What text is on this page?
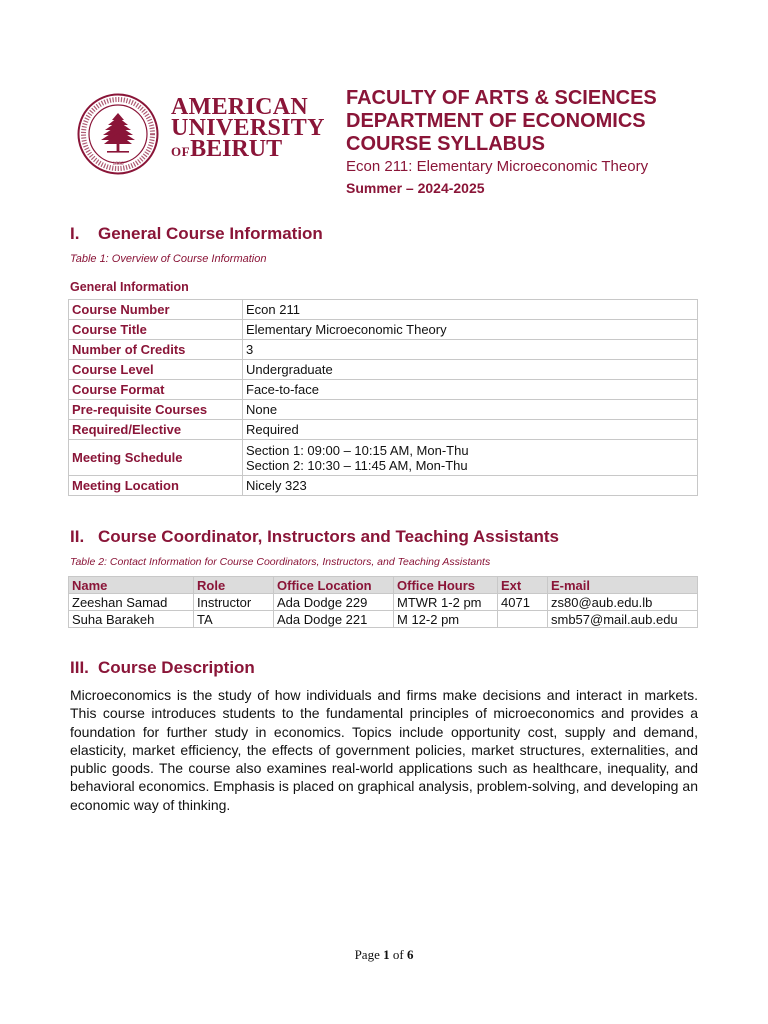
1866
AMERICAN
UNIVERSITY
OFBEIRUT
FACULTY OF ARTS & SCIENCES
DEPARTMENT OF ECONOMICS
COURSE SYLLABUS
Econ 211: Elementary Microeconomic Theory
Summer – 2024-2025
I. General Course Information
Table 1: Overview of Course Information
General Information
Course Number	Econ 211
Course Title	Elementary Microeconomic Theory
Number of Credits	3
Course Level	Undergraduate
Course Format	Face-to-face
Pre-requisite Courses	None
Required/Elective	Required
Meeting Schedule	Section 1: 09:00 – 10:15 AM, Mon-Thu
Section 2: 10:30 – 11:45 AM, Mon-Thu

Meeting Location	Nicely 323
II. Course Coordinator, Instructors and Teaching Assistants
Table 2: Contact Information for Course Coordinators, Instructors, and Teaching Assistants
Name	Role	Office Location	Office Hours	Ext	E-mail
Zeeshan Samad	Instructor	Ada Dodge 229	MTWR 1-2 pm	4071	zs80@aub.edu.lb
Suha Barakeh	TA	Ada Dodge 221	M 12-2 pm		smb57@mail.aub.edu
III. Course Description
Microeconomics is the study of how individuals and firms make decisions and interact in markets. This course introduces students to the fundamental principles of microeconomics and provides a foundation for further study in economics. Topics include opportunity cost, supply and demand, elasticity, market efficiency, the effects of government policies, market structures, externalities, and public goods. The course also examines real-world applications such as healthcare, inequality, and behavioral economics. Emphasis is placed on graphical analysis, problem-solving, and developing an economic way of thinking.
Page 1 of 6
